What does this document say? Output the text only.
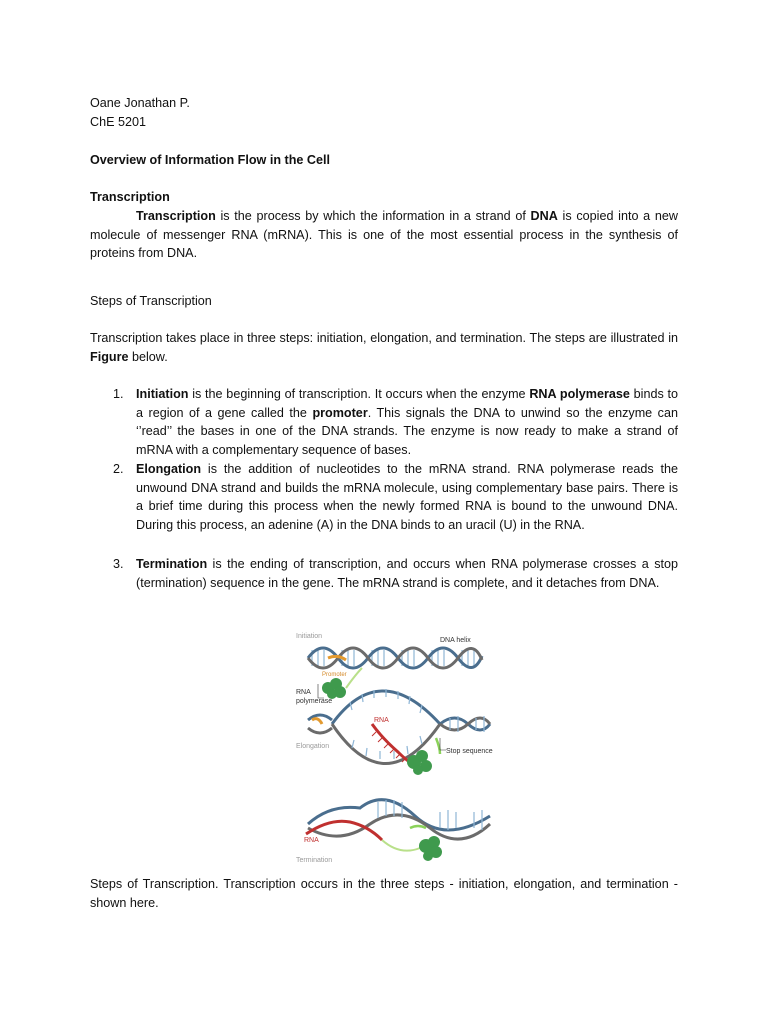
Oane Jonathan P.
ChE 5201
Overview of Information Flow in the Cell
Transcription
Transcription is the process by which the information in a strand of DNA is copied into a new molecule of messenger RNA (mRNA). This is one of the most essential process in the synthesis of proteins from DNA.
Steps of Transcription
Transcription takes place in three steps: initiation, elongation, and termination. The steps are illustrated in Figure below.
1. Initiation is the beginning of transcription. It occurs when the enzyme RNA polymerase binds to a region of a gene called the promoter. This signals the DNA to unwind so the enzyme can ‘’read’’ the bases in one of the DNA strands. The enzyme is now ready to make a strand of mRNA with a complementary sequence of bases.
2. Elongation is the addition of nucleotides to the mRNA strand. RNA polymerase reads the unwound DNA strand and builds the mRNA molecule, using complementary base pairs. There is a brief time during this process when the newly formed RNA is bound to the unwound DNA. During this process, an adenine (A) in the DNA binds to an uracil (U) in the RNA.
3. Termination is the ending of transcription, and occurs when RNA polymerase crosses a stop (termination) sequence in the gene. The mRNA strand is complete, and it detaches from DNA.
Initiation
DNA helix
Promoter
RNA
polymerase
RNA
Elongation
Stop sequence
RNA
Termination
Steps of Transcription. Transcription occurs in the three steps - initiation, elongation, and termination - shown here.
